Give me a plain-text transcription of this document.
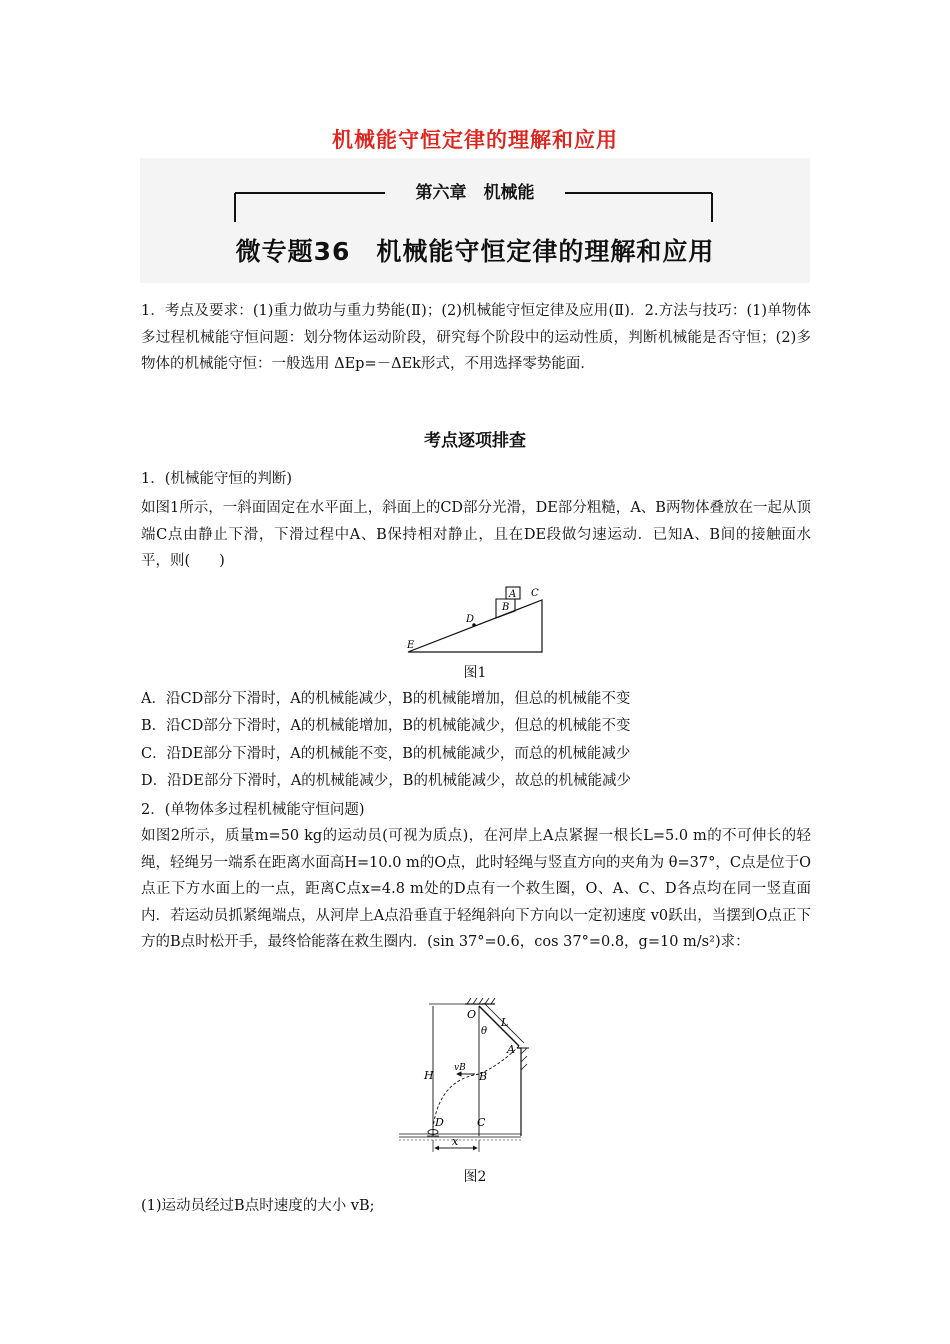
机械能守恒定律的理解和应用
第六章　机械能
微专题36　机械能守恒定律的理解和应用
1．考点及要求：(1)重力做功与重力势能(Ⅱ)；(2)机械能守恒定律及应用(Ⅱ)．2.方法与技巧：(1)单物体多过程机械能守恒问题：划分物体运动阶段，研究每个阶段中的运动性质，判断机械能是否守恒；(2)多物体的机械能守恒：一般选用 ΔEp=－ΔEk形式，不用选择零势能面．
考点逐项排查
1．(机械能守恒的判断)
如图1所示，一斜面固定在水平面上，斜面上的CD部分光滑，DE部分粗糙，A、B两物体叠放在一起从顶端C点由静止下滑，下滑过程中A、B保持相对静止，且在DE段做匀速运动．已知A、B间的接触面水平，则(　　)
A
B
C
D
E
图1
A．沿CD部分下滑时，A的机械能减少，B的机械能增加，但总的机械能不变
B．沿CD部分下滑时，A的机械能增加，B的机械能减少，但总的机械能不变
C．沿DE部分下滑时，A的机械能不变，B的机械能减少，而总的机械能减少
D．沿DE部分下滑时，A的机械能减少，B的机械能减少，故总的机械能减少
2．(单物体多过程机械能守恒问题)
如图2所示，质量m=50 kg的运动员(可视为质点)，在河岸上A点紧握一根长L=5.0 m的不可伸长的轻绳，轻绳另一端系在距离水面高H=10.0 m的O点，此时轻绳与竖直方向的夹角为 θ=37°，C点是位于O点正下方水面上的一点，距离C点x=4.8 m处的D点有一个救生圈，O、A、C、D各点均在同一竖直面内．若运动员抓紧绳端点，从河岸上A点沿垂直于轻绳斜向下方向以一定初速度 v0跃出，当摆到O点正下方的B点时松开手，最终恰能落在救生圈内．(sin 37°=0.6，cos 37°=0.8，g=10 m/s²)求：
H
L
θ
O
A
vB
B
D	C
x
图2
(1)运动员经过B点时速度的大小 vB;
